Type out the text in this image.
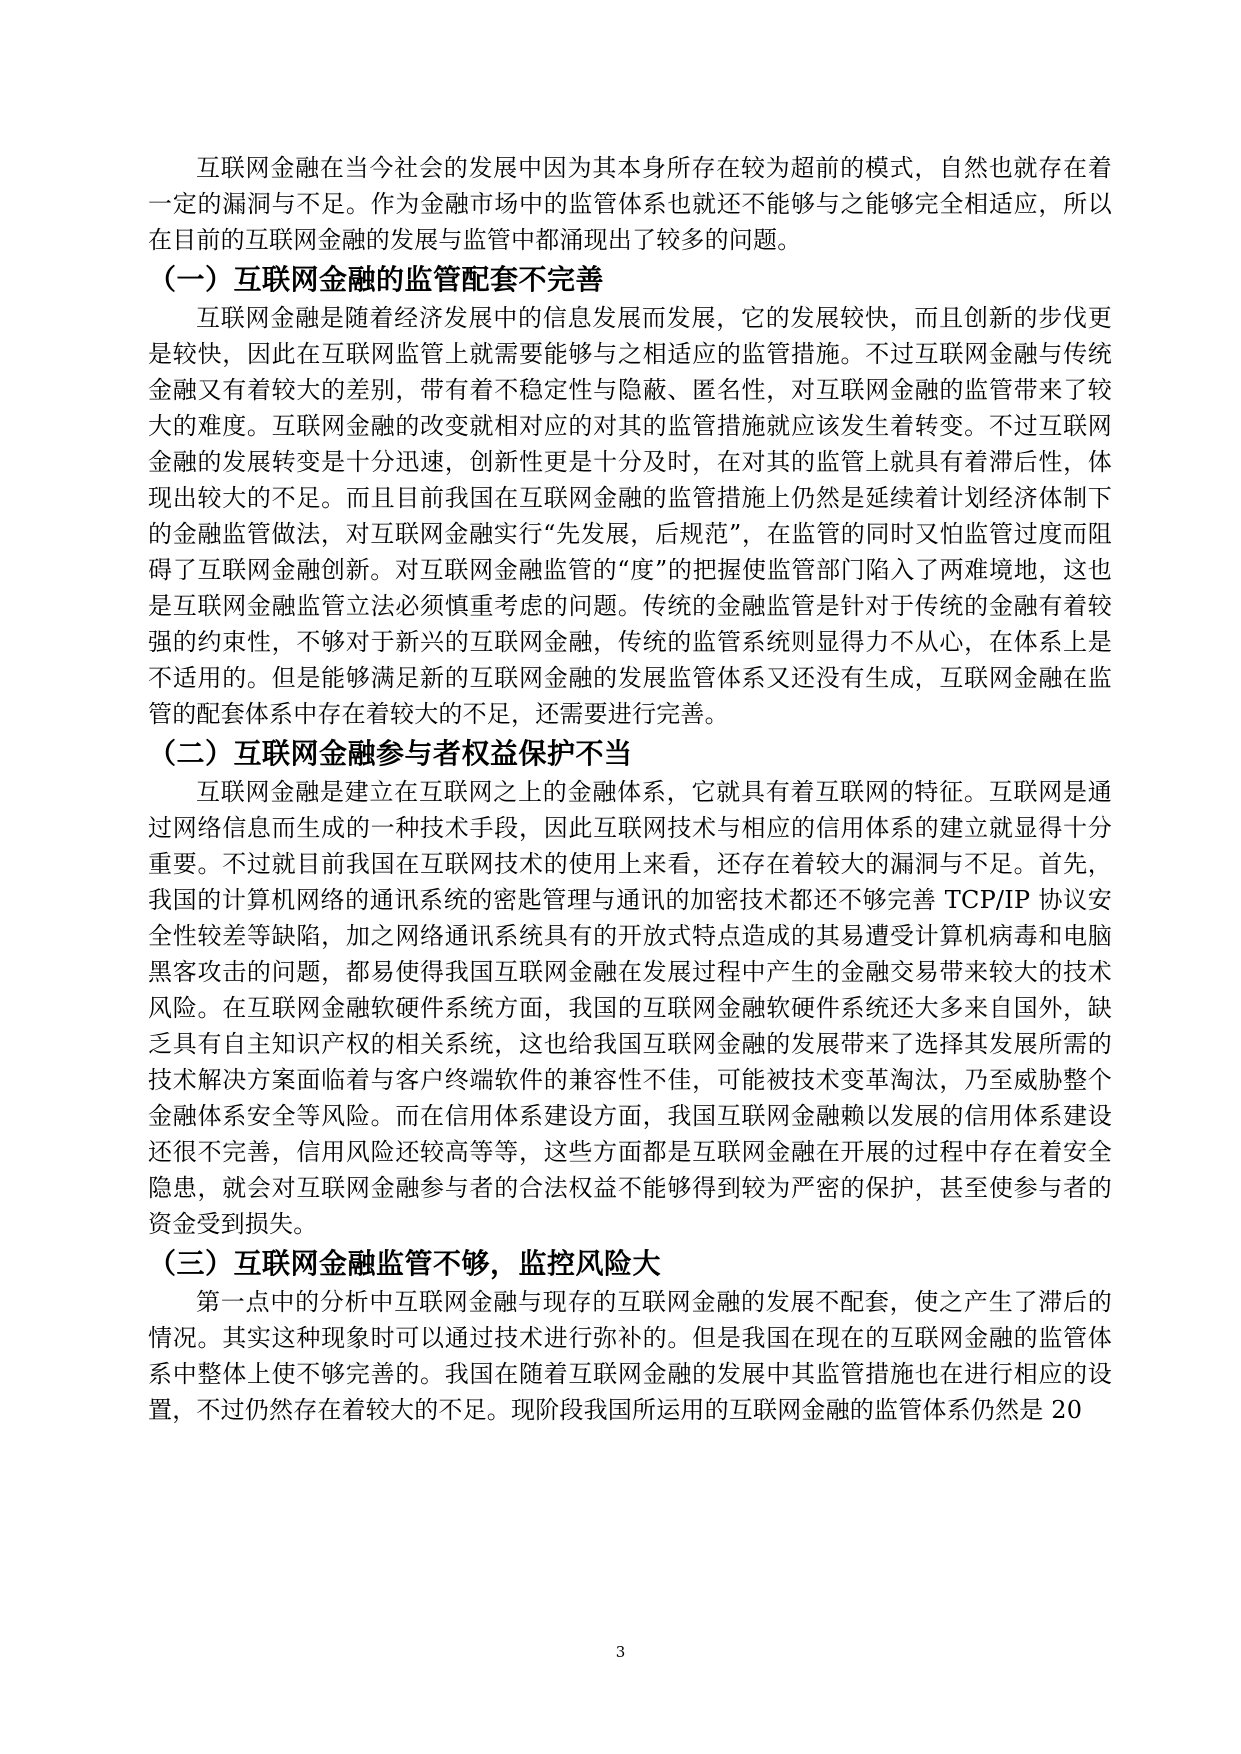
互联网金融在当今社会的发展中因为其本身所存在较为超前的模式，自然也就存在着一定的漏洞与不足。作为金融市场中的监管体系也就还不能够与之能够完全相适应，所以在目前的互联网金融的发展与监管中都涌现出了较多的问题。

（一）互联网金融的监管配套不完善

互联网金融是随着经济发展中的信息发展而发展，它的发展较快，而且创新的步伐更是较快，因此在互联网监管上就需要能够与之相适应的监管措施。不过互联网金融与传统金融又有着较大的差别，带有着不稳定性与隐蔽、匿名性，对互联网金融的监管带来了较大的难度。互联网金融的改变就相对应的对其的监管措施就应该发生着转变。不过互联网金融的发展转变是十分迅速，创新性更是十分及时，在对其的监管上就具有着滞后性，体现出较大的不足。而且目前我国在互联网金融的监管措施上仍然是延续着计划经济体制下的金融监管做法，对互联网金融实行“先发展，后规范”，在监管的同时又怕监管过度而阻碍了互联网金融创新。对互联网金融监管的“度”的把握使监管部门陷入了两难境地，这也是互联网金融监管立法必须慎重考虑的问题。传统的金融监管是针对于传统的金融有着较强的约束性，不够对于新兴的互联网金融，传统的监管系统则显得力不从心，在体系上是不适用的。但是能够满足新的互联网金融的发展监管体系又还没有生成，互联网金融在监管的配套体系中存在着较大的不足，还需要进行完善。

（二）互联网金融参与者权益保护不当

互联网金融是建立在互联网之上的金融体系，它就具有着互联网的特征。互联网是通过网络信息而生成的一种技术手段，因此互联网技术与相应的信用体系的建立就显得十分重要。不过就目前我国在互联网技术的使用上来看，还存在着较大的漏洞与不足。首先，我国的计算机网络的通讯系统的密匙管理与通讯的加密技术都还不够完善 TCP/IP 协议安全性较差等缺陷，加之网络通讯系统具有的开放式特点造成的其易遭受计算机病毒和电脑黑客攻击的问题，都易使得我国互联网金融在发展过程中产生的金融交易带来较大的技术风险。在互联网金融软硬件系统方面，我国的互联网金融软硬件系统还大多来自国外，缺乏具有自主知识产权的相关系统，这也给我国互联网金融的发展带来了选择其发展所需的技术解决方案面临着与客户终端软件的兼容性不佳，可能被技术变革淘汰，乃至威胁整个金融体系安全等风险。而在信用体系建设方面，我国互联网金融赖以发展的信用体系建设还很不完善，信用风险还较高等等，这些方面都是互联网金融在开展的过程中存在着安全隐患，就会对互联网金融参与者的合法权益不能够得到较为严密的保护，甚至使参与者的资金受到损失。

（三）互联网金融监管不够，监控风险大

第一点中的分析中互联网金融与现存的互联网金融的发展不配套，使之产生了滞后的情况。其实这种现象时可以通过技术进行弥补的。但是我国在现在的互联网金融的监管体系中整体上使不够完善的。我国在随着互联网金融的发展中其监管措施也在进行相应的设置，不过仍然存在着较大的不足。现阶段我国所运用的互联网金融的监管体系仍然是 20

3
